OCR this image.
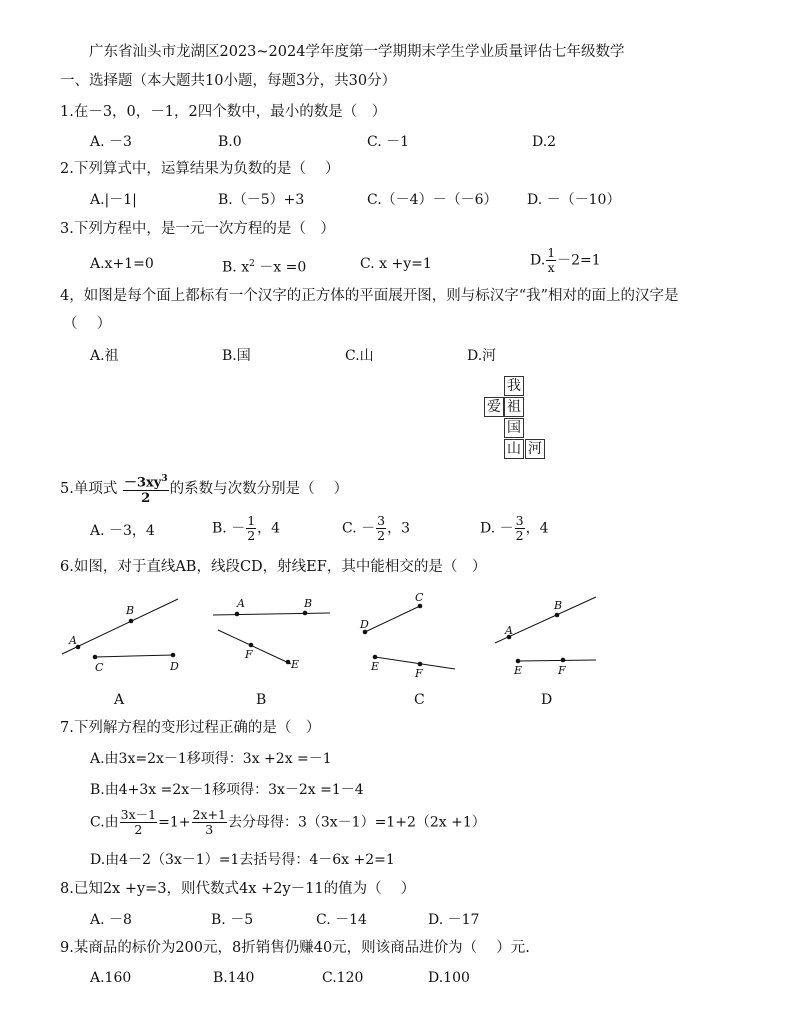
广东省汕头市龙湖区2023~2024学年度第一学期期末学生学业质量评估七年级数学
一、选择题（本大题共10小题，每题3分，共30分）
1.在－3，0，－1，2四个数中，最小的数是（　）
A. －3	B.0	C. －1	D.2
2.下列算式中，运算结果为负数的是（　 ）
A.|－1|	B.（－5）+3	C.（－4）－（－6） D. －（－10）
3.下列方程中，是一元一次方程的是（　）
A.x+1=0	B. $x^2 -x =0$	C. x +y=1	D. $\frac{1}{x} -2=1$
4，如图是每个面上都标有一个汉字的正方体的平面展开图，则与标汉字“我”相对的面上的汉字是
（　 ）
A.祖	B.国	C.山	D.河
我
爱 祖
国
山 河
5.单项式 $\frac{-3xy^3}{2}$ 的系数与次数分别是（　 ）
A. －3，4	B. － $\frac{1}{2}$ ，4	C. － $\frac{3}{2}$ ，3	D. － $\frac{3}{2}$ ，4
6.如图，对于直线AB，线段CD，射线EF，其中能相交的是（　）
A
B
C	D
A	B
F
E
D
C
E
F
A
B
E	F
A	B	C	D
7.下列解方程的变形过程正确的是（　）
A.由3x=2x－1移项得：3x +2x =－1
B.由4+3x =2x－1移项得：3x－2x =1－4
C.由 $\frac{3x-1}{2} =1+ \frac{2x+1}{3}$ 去分母得：3（3x－1）=1+2（2x +1）
D.由4－2（3x－1）=1去括号得：4－6x +2=1
8.已知2x +y=3，则代数式4x +2y－11的值为（　 ）
A. －8	B. －5	C. －14	D. －17
9.某商品的标价为200元，8折销售仍赚40元，则该商品进价为（　 ）元.
A.160	B.140	C.120	D.100
